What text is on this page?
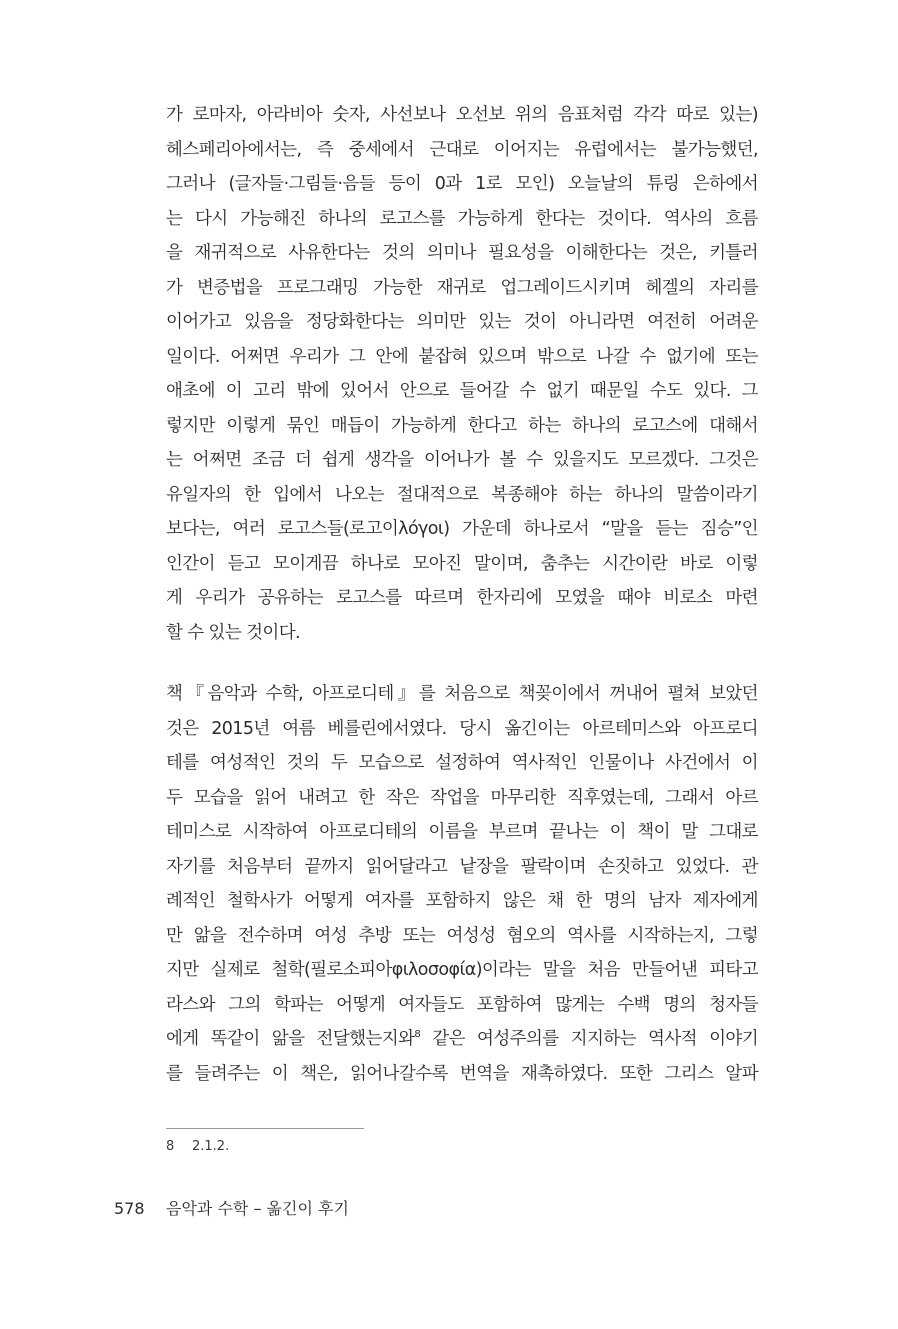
가 로마자, 아라비아 숫자, 사선보나 오선보 위의 음표처럼 각각 따로 있는)
헤스페리아에서는, 즉 중세에서 근대로 이어지는 유럽에서는 불가능했던,
그러나 (글자들·그림들·음들 등이 0과 1로 모인) 오늘날의 튜링 은하에서
는 다시 가능해진 하나의 로고스를 가능하게 한다는 것이다. 역사의 흐름
을 재귀적으로 사유한다는 것의 의미나 필요성을 이해한다는 것은, 키틀러
가 변증법을 프로그래밍 가능한 재귀로 업그레이드시키며 헤겔의 자리를
이어가고 있음을 정당화한다는 의미만 있는 것이 아니라면 여전히 어려운
일이다. 어쩌면 우리가 그 안에 붙잡혀 있으며 밖으로 나갈 수 없기에 또는
애초에 이 고리 밖에 있어서 안으로 들어갈 수 없기 때문일 수도 있다. 그
렇지만 이렇게 묶인 매듭이 가능하게 한다고 하는 하나의 로고스에 대해서
는 어쩌면 조금 더 쉽게 생각을 이어나가 볼 수 있을지도 모르겠다. 그것은
유일자의 한 입에서 나오는 절대적으로 복종해야 하는 하나의 말씀이라기
보다는, 여러 로고스들(로고이λόγοι) 가운데 하나로서 “말을 듣는 짐승”인
인간이 듣고 모이게끔 하나로 모아진 말이며, 춤추는 시간이란 바로 이렇
게 우리가 공유하는 로고스를 따르며 한자리에 모였을 때야 비로소 마련
할 수 있는 것이다.
책『음악과 수학, 아프로디테』를 처음으로 책꽂이에서 꺼내어 펼쳐 보았던
것은 2015년 여름 베를린에서였다. 당시 옮긴이는 아르테미스와 아프로디
테를 여성적인 것의 두 모습으로 설정하여 역사적인 인물이나 사건에서 이
두 모습을 읽어 내려고 한 작은 작업을 마무리한 직후였는데, 그래서 아르
테미스로 시작하여 아프로디테의 이름을 부르며 끝나는 이 책이 말 그대로
자기를 처음부터 끝까지 읽어달라고 낱장을 팔락이며 손짓하고 있었다. 관
례적인 철학사가 어떻게 여자를 포함하지 않은 채 한 명의 남자 제자에게
만 앎을 전수하며 여성 추방 또는 여성성 혐오의 역사를 시작하는지, 그렇
지만 실제로 철학(필로소피아φιλοσοφία)이라는 말을 처음 만들어낸 피타고
라스와 그의 학파는 어떻게 여자들도 포함하여 많게는 수백 명의 청자들
에게 똑같이 앎을 전달했는지와$^8$ 같은 여성주의를 지지하는 역사적 이야기
를 들려주는 이 책은, 읽어나갈수록 번역을 재촉하였다. 또한 그리스 알파
8 2.1.2.
578 음악과 수학 – 옮긴이 후기
